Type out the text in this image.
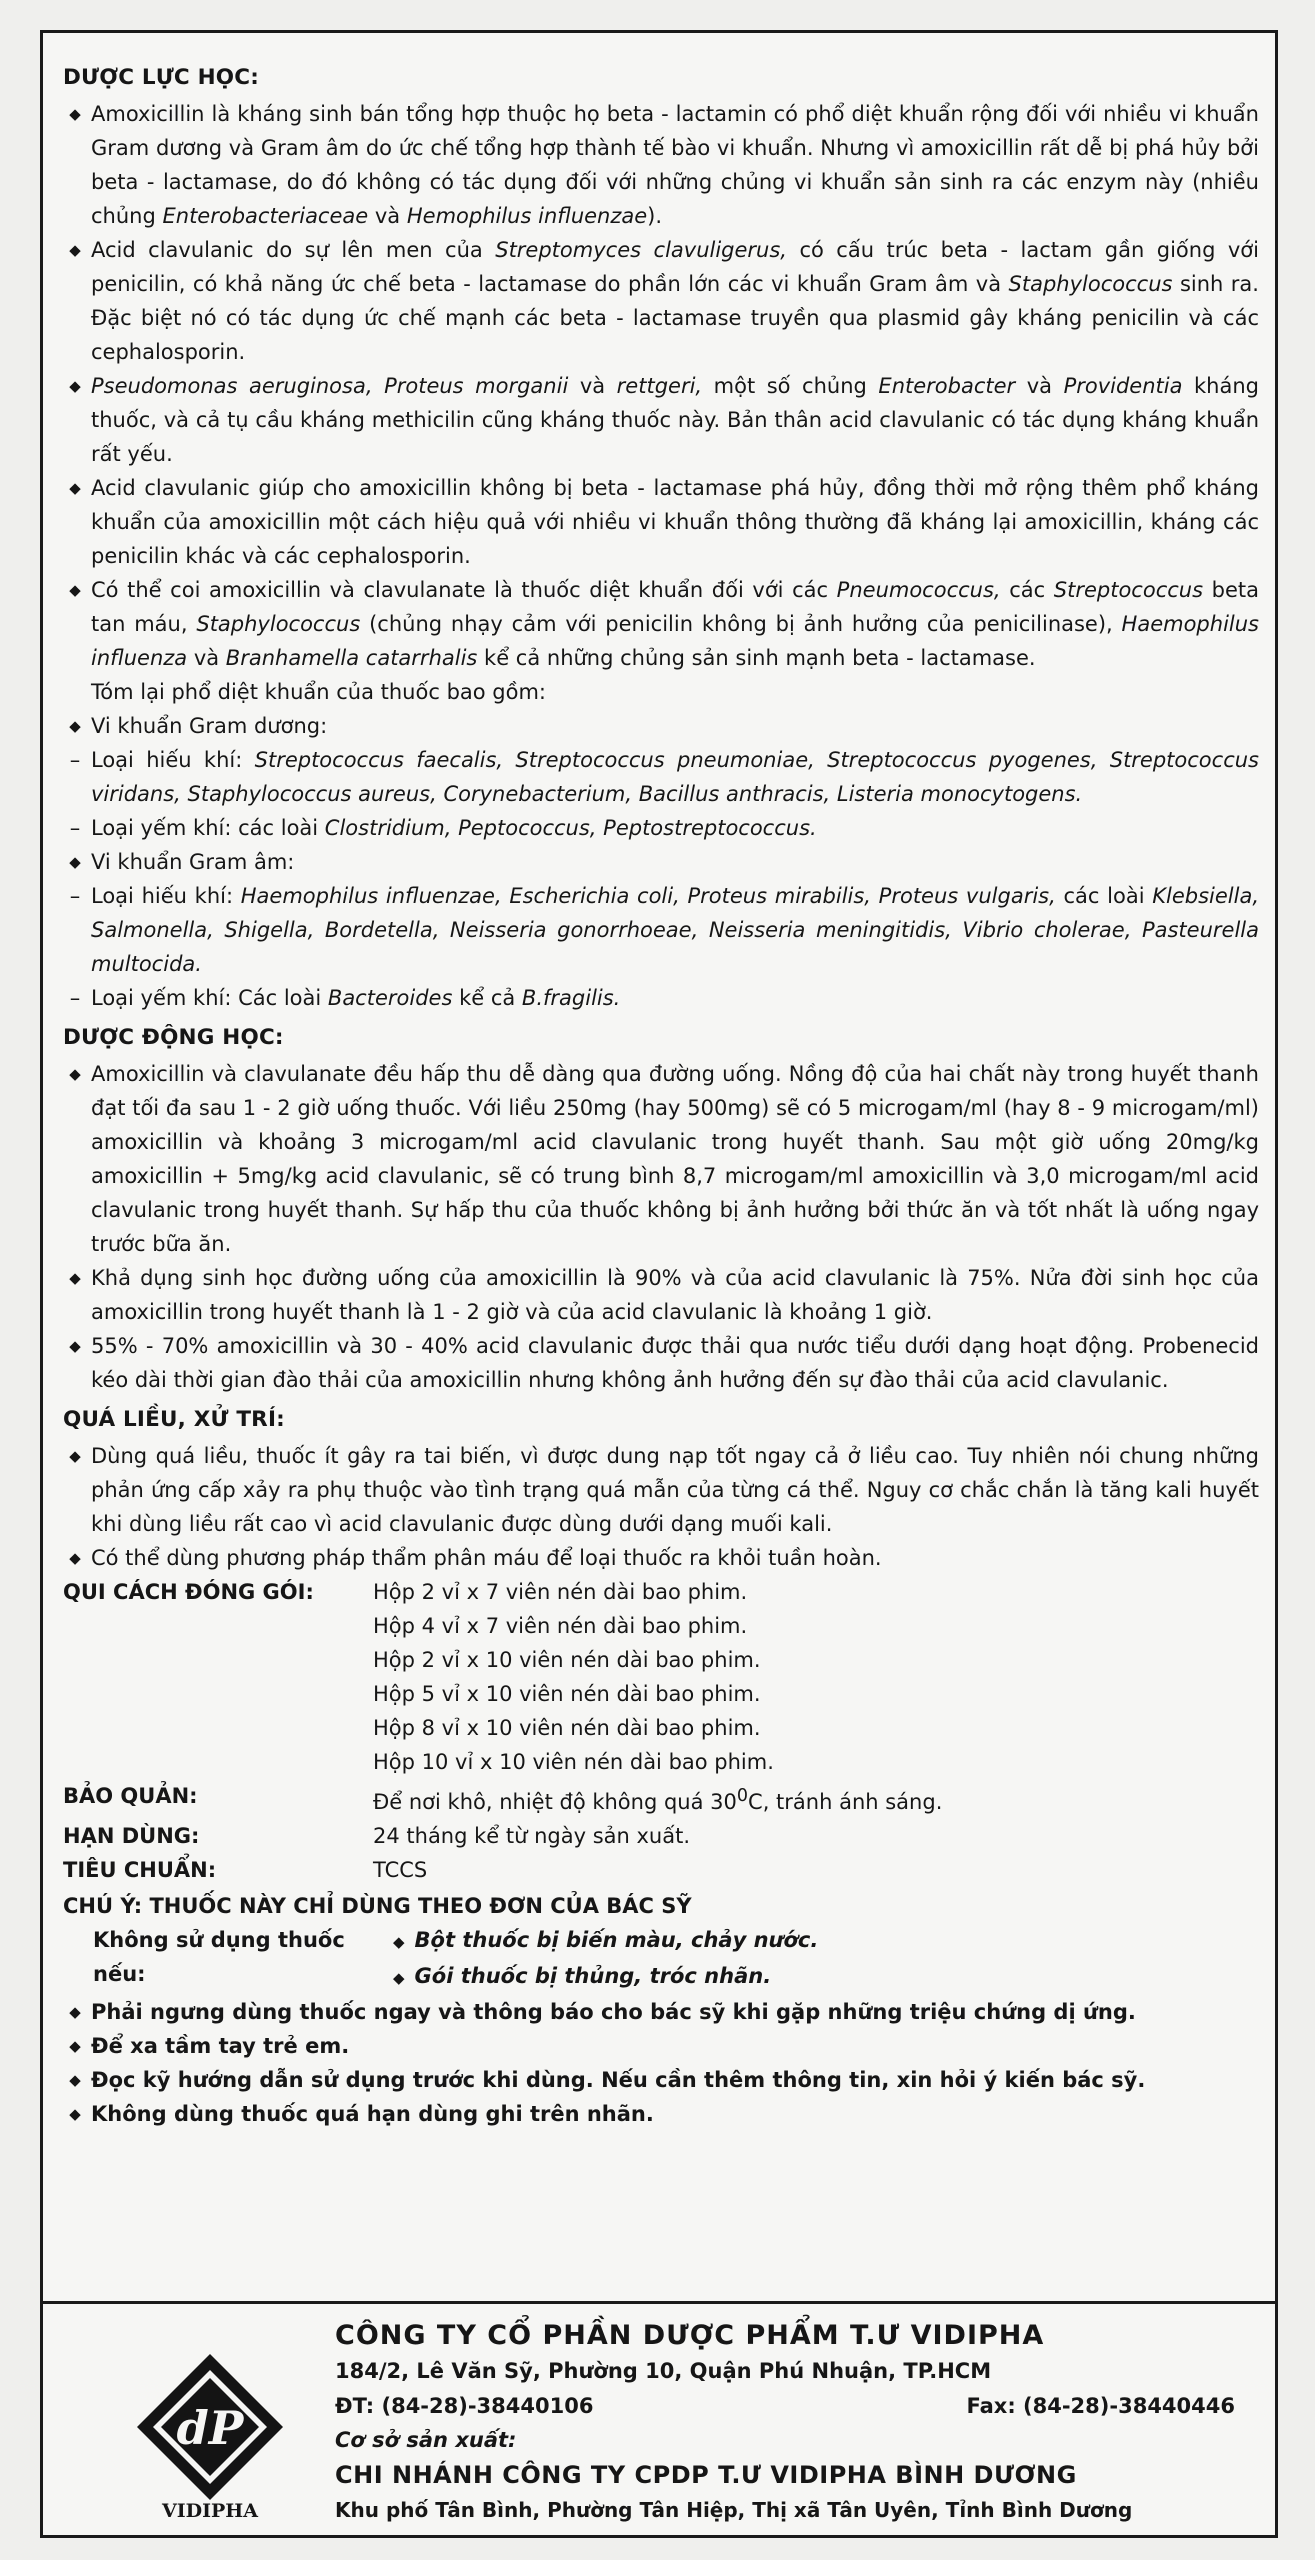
DƯỢC LỰC HỌC:
◆ Amoxicillin là kháng sinh bán tổng hợp thuộc họ beta - lactamin có phổ diệt khuẩn rộng đối với nhiều vi khuẩn Gram dương và Gram âm do ức chế tổng hợp thành tế bào vi khuẩn. Nhưng vì amoxicillin rất dễ bị phá hủy bởi beta - lactamase, do đó không có tác dụng đối với những chủng vi khuẩn sản sinh ra các enzym này (nhiều chủng Enterobacteriaceae và Hemophilus influenzae).
◆ Acid clavulanic do sự lên men của Streptomyces clavuligerus, có cấu trúc beta - lactam gần giống với penicilin, có khả năng ức chế beta - lactamase do phần lớn các vi khuẩn Gram âm và Staphylococcus sinh ra. Đặc biệt nó có tác dụng ức chế mạnh các beta - lactamase truyền qua plasmid gây kháng penicilin và các cephalosporin.
◆ Pseudomonas aeruginosa, Proteus morganii và rettgeri, một số chủng Enterobacter và Providentia kháng thuốc, và cả tụ cầu kháng methicilin cũng kháng thuốc này. Bản thân acid clavulanic có tác dụng kháng khuẩn rất yếu.
◆ Acid clavulanic giúp cho amoxicillin không bị beta - lactamase phá hủy, đồng thời mở rộng thêm phổ kháng khuẩn của amoxicillin một cách hiệu quả với nhiều vi khuẩn thông thường đã kháng lại amoxicillin, kháng các penicilin khác và các cephalosporin.
◆ Có thể coi amoxicillin và clavulanate là thuốc diệt khuẩn đối với các Pneumococcus, các Streptococcus beta tan máu, Staphylococcus (chủng nhạy cảm với penicilin không bị ảnh hưởng của penicilinase), Haemophilus influenza và Branhamella catarrhalis kể cả những chủng sản sinh mạnh beta - lactamase.
Tóm lại phổ diệt khuẩn của thuốc bao gồm:
◆ Vi khuẩn Gram dương:
– Loại hiếu khí: Streptococcus faecalis, Streptococcus pneumoniae, Streptococcus pyogenes, Streptococcus viridans, Staphylococcus aureus, Corynebacterium, Bacillus anthracis, Listeria monocytogens.
– Loại yếm khí: các loài Clostridium, Peptococcus, Peptostreptococcus.
◆ Vi khuẩn Gram âm:
– Loại hiếu khí: Haemophilus influenzae, Escherichia coli, Proteus mirabilis, Proteus vulgaris, các loài Klebsiella, Salmonella, Shigella, Bordetella, Neisseria gonorrhoeae, Neisseria meningitidis, Vibrio cholerae, Pasteurella multocida.
– Loại yếm khí: Các loài Bacteroides kể cả B.fragilis.
DƯỢC ĐỘNG HỌC:
◆ Amoxicillin và clavulanate đều hấp thu dễ dàng qua đường uống. Nồng độ của hai chất này trong huyết thanh đạt tối đa sau 1 - 2 giờ uống thuốc. Với liều 250mg (hay 500mg) sẽ có 5 microgam/ml (hay 8 - 9 microgam/ml) amoxicillin và khoảng 3 microgam/ml acid clavulanic trong huyết thanh. Sau một giờ uống 20mg/kg amoxicillin + 5mg/kg acid clavulanic, sẽ có trung bình 8,7 microgam/ml amoxicillin và 3,0 microgam/ml acid clavulanic trong huyết thanh. Sự hấp thu của thuốc không bị ảnh hưởng bởi thức ăn và tốt nhất là uống ngay trước bữa ăn.
◆ Khả dụng sinh học đường uống của amoxicillin là 90% và của acid clavulanic là 75%. Nửa đời sinh học của amoxicillin trong huyết thanh là 1 - 2 giờ và của acid clavulanic là khoảng 1 giờ.
◆ 55% - 70% amoxicillin và 30 - 40% acid clavulanic được thải qua nước tiểu dưới dạng hoạt động. Probenecid kéo dài thời gian đào thải của amoxicillin nhưng không ảnh hưởng đến sự đào thải của acid clavulanic.
QUÁ LIỀU, XỬ TRÍ:
◆ Dùng quá liều, thuốc ít gây ra tai biến, vì được dung nạp tốt ngay cả ở liều cao. Tuy nhiên nói chung những phản ứng cấp xảy ra phụ thuộc vào tình trạng quá mẫn của từng cá thể. Nguy cơ chắc chắn là tăng kali huyết khi dùng liều rất cao vì acid clavulanic được dùng dưới dạng muối kali.
◆ Có thể dùng phương pháp thẩm phân máu để loại thuốc ra khỏi tuần hoàn.
QUI CÁCH ĐÓNG GÓI:	Hộp 2 vỉ x 7 viên nén dài bao phim.
Hộp 4 vỉ x 7 viên nén dài bao phim.
Hộp 2 vỉ x 10 viên nén dài bao phim.
Hộp 5 vỉ x 10 viên nén dài bao phim.
Hộp 8 vỉ x 10 viên nén dài bao phim.
Hộp 10 vỉ x 10 viên nén dài bao phim.
BẢO QUẢN:	Để nơi khô, nhiệt độ không quá $30^0C$, tránh ánh sáng.
HẠN DÙNG:	24 tháng kể từ ngày sản xuất.
TIÊU CHUẨN:	TCCS
CHÚ Ý: THUỐC NÀY CHỈ DÙNG THEO ĐƠN CỦA BÁC SỸ
Không sử dụng thuốc nếu:
◆ Bột thuốc bị biến màu, chảy nước.
◆ Gói thuốc bị thủng, tróc nhãn.
◆ Phải ngưng dùng thuốc ngay và thông báo cho bác sỹ khi gặp những triệu chứng dị ứng.
◆ Để xa tầm tay trẻ em.
◆ Đọc kỹ hướng dẫn sử dụng trước khi dùng. Nếu cần thêm thông tin, xin hỏi ý kiến bác sỹ.
◆ Không dùng thuốc quá hạn dùng ghi trên nhãn.
dP
VIDIPHA
CÔNG TY CỔ PHẦN DƯỢC PHẨM T.Ư VIDIPHA
184/2, Lê Văn Sỹ, Phường 10, Quận Phú Nhuận, TP.HCM
ĐT: (84-28)-38440106	Fax: (84-28)-38440446
Cơ sở sản xuất:
CHI NHÁNH CÔNG TY CPDP T.Ư VIDIPHA BÌNH DƯƠNG
Khu phố Tân Bình, Phường Tân Hiệp, Thị xã Tân Uyên, Tỉnh Bình Dương
